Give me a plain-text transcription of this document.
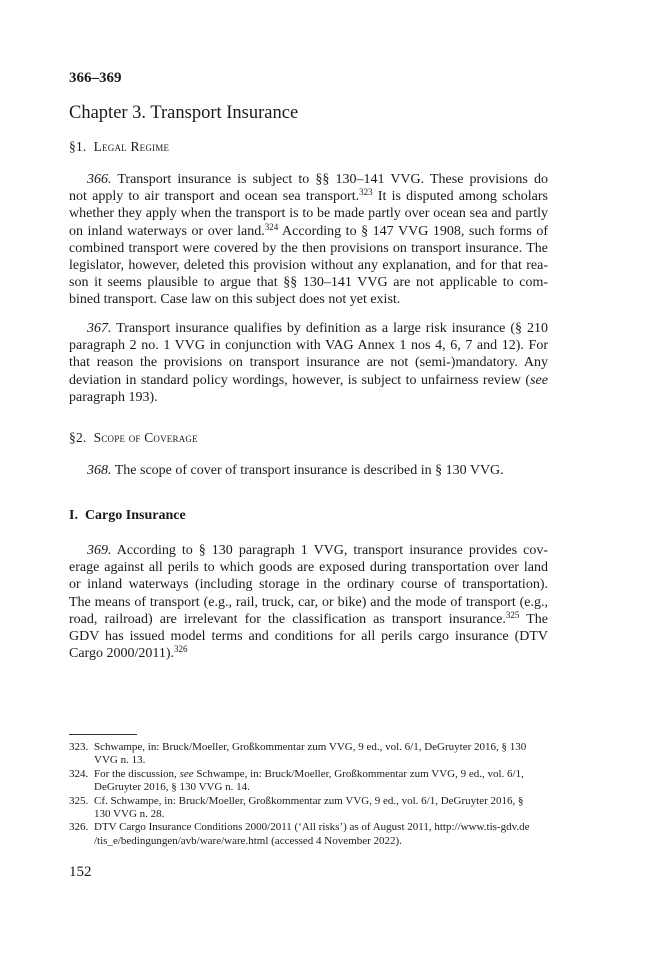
366–369
Chapter 3. Transport Insurance
§1. Legal Regime
366. Transport insurance is subject to §§ 130–141 VVG. These provisions do
not apply to air transport and ocean sea transport.$^{323}$ It is disputed among scholars
whether they apply when the transport is to be made partly over ocean sea and partly
on inland waterways or over land.$^{324}$ According to § 147 VVG 1908, such forms of
combined transport were covered by the then provisions on transport insurance. The
legislator, however, deleted this provision without any explanation, and for that rea-
son it seems plausible to argue that §§ 130–141 VVG are not applicable to com-
bined transport. Case law on this subject does not yet exist.
367. Transport insurance qualifies by definition as a large risk insurance (§ 210
paragraph 2 no. 1 VVG in conjunction with VAG Annex 1 nos 4, 6, 7 and 12). For
that reason the provisions on transport insurance are not (semi-)mandatory. Any
deviation in standard policy wordings, however, is subject to unfairness review (see
paragraph 193).
§2. Scope of Coverage
368. The scope of cover of transport insurance is described in § 130 VVG.
I.  Cargo Insurance
369. According to § 130 paragraph 1 VVG, transport insurance provides cov-
erage against all perils to which goods are exposed during transportation over land
or inland waterways (including storage in the ordinary course of transportation).
The means of transport (e.g., rail, truck, car, or bike) and the mode of transport (e.g.,
road, railroad) are irrelevant for the classification as transport insurance.$^{325}$ The
GDV has issued model terms and conditions for all perils cargo insurance (DTV
Cargo 2000/2011).$^{326}$
323. Schwampe, in: Bruck/Moeller, Großkommentar zum VVG, 9 ed., vol. 6/1, DeGruyter 2016, § 130
VVG n. 13.
324. For the discussion, see Schwampe, in: Bruck/Moeller, Großkommentar zum VVG, 9 ed., vol. 6/1,
DeGruyter 2016, § 130 VVG n. 14.
325. Cf. Schwampe, in: Bruck/Moeller, Großkommentar zum VVG, 9 ed., vol. 6/1, DeGruyter 2016, §
130 VVG n. 28.
326. DTV Cargo Insurance Conditions 2000/2011 (‘All risks’) as of August 2011, http://www.tis-gdv.de
/tis_e/bedingungen/avb/ware/ware.html (accessed 4 November 2022).
152
